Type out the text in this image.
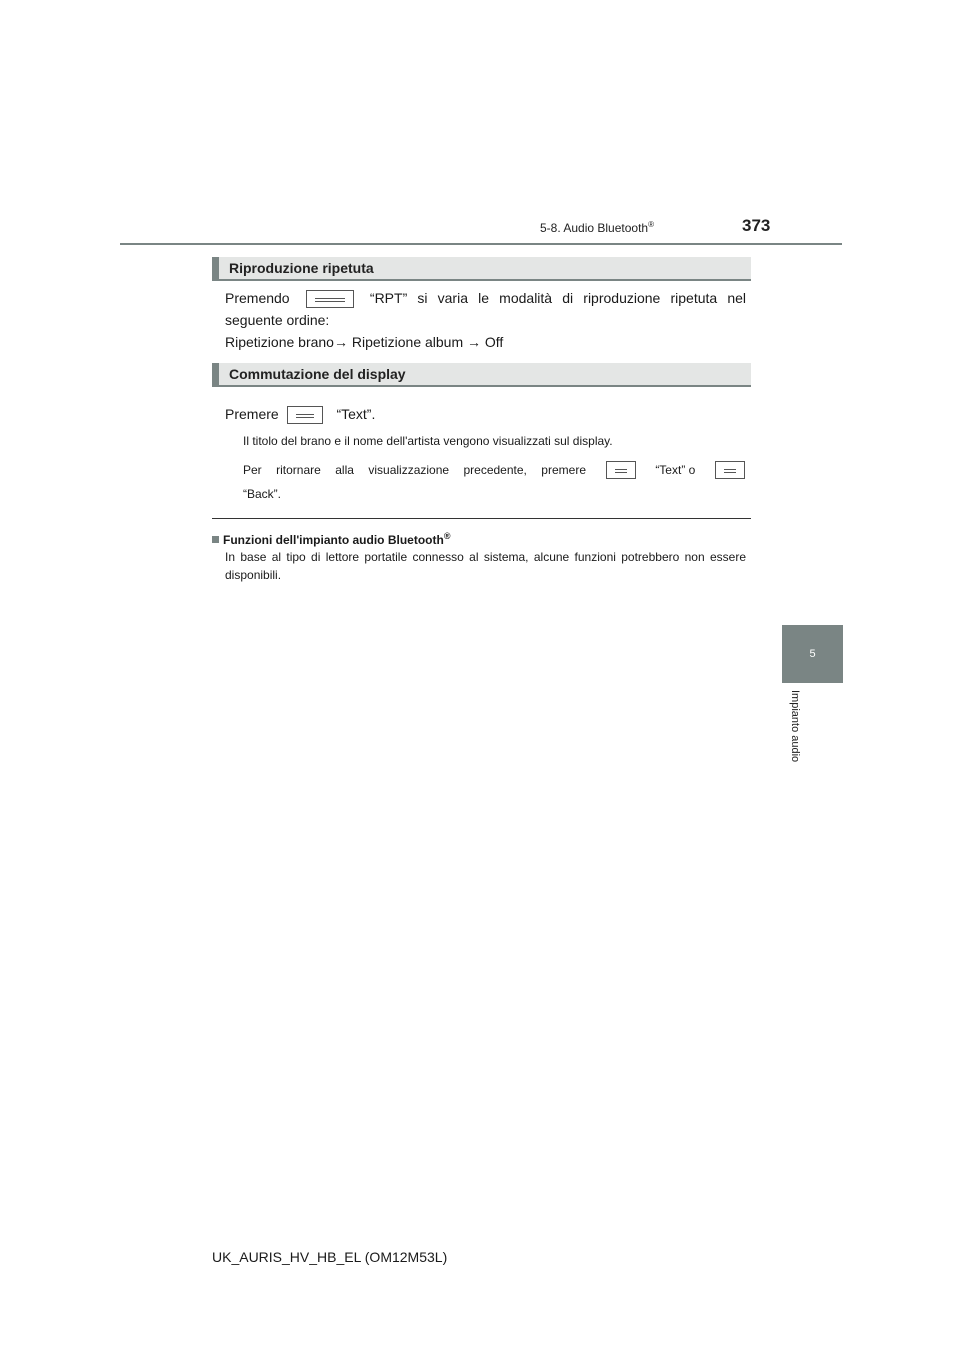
5-8. Audio Bluetooth®	373
5
Impianto audio
Riproduzione ripetuta
Premendo	“RPT” si varia le modalità di riproduzione ripetuta nel
seguente ordine:
Ripetizione brano→ Ripetizione album → Off
Commutazione del display
Premere	“Text”.
Il titolo del brano e il nome dell'artista vengono visualizzati sul display.
Per ritornare alla visualizzazione precedente, premere	“Text” o
“Back”.
Funzioni dell'impianto audio Bluetooth®
In base al tipo di lettore portatile connesso al sistema, alcune funzioni potrebbero non essere disponibili.
UK_AURIS_HV_HB_EL (OM12M53L)
